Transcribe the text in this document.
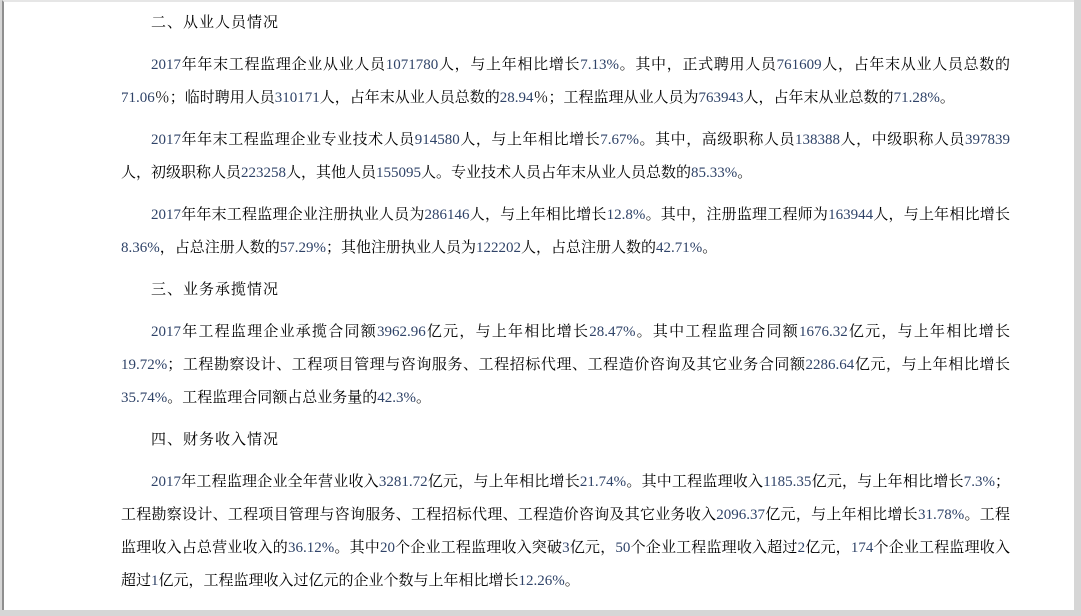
二、从业人员情况

2017年年末工程监理企业从业人员1071780人，与上年相比增长7.13%。其中，正式聘用人员761609人，占年末从业人员总数的71.06％；临时聘用人员310171人，占年末从业人员总数的28.94％；工程监理从业人员为763943人，占年末从业总数的71.28%。

2017年年末工程监理企业专业技术人员914580人，与上年相比增长7.67%。其中，高级职称人员138388人，中级职称人员397839人，初级职称人员223258人，其他人员155095人。专业技术人员占年末从业人员总数的85.33%。

2017年年末工程监理企业注册执业人员为286146人，与上年相比增长12.8%。其中，注册监理工程师为163944人，与上年相比增长8.36%，占总注册人数的57.29%；其他注册执业人员为122202人，占总注册人数的42.71%。

三、业务承揽情况

2017年工程监理企业承揽合同额3962.96亿元，与上年相比增长28.47%。其中工程监理合同额1676.32亿元，与上年相比增长19.72%；工程勘察设计、工程项目管理与咨询服务、工程招标代理、工程造价咨询及其它业务合同额2286.64亿元，与上年相比增长35.74%。工程监理合同额占总业务量的42.3%。

四、财务收入情况

2017年工程监理企业全年营业收入3281.72亿元，与上年相比增长21.74%。其中工程监理收入1185.35亿元，与上年相比增长7.3%；工程勘察设计、工程项目管理与咨询服务、工程招标代理、工程造价咨询及其它业务收入2096.37亿元，与上年相比增长31.78%。工程监理收入占总营业收入的36.12%。其中20个企业工程监理收入突破3亿元，50个企业工程监理收入超过2亿元，174个企业工程监理收入超过1亿元，工程监理收入过亿元的企业个数与上年相比增长12.26%。
